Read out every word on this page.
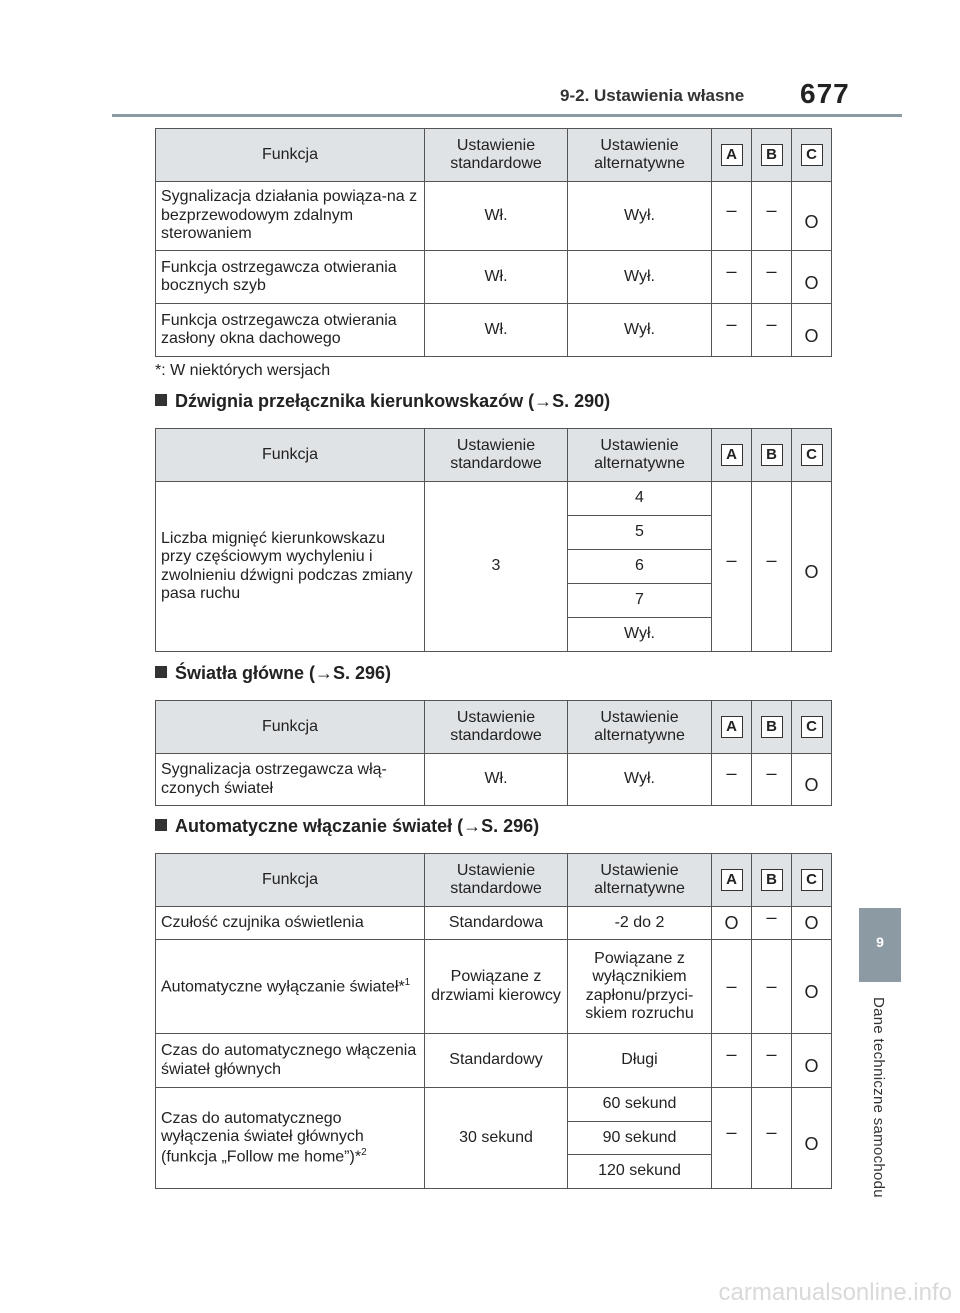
9-2. Ustawienia własne 677
9
Dane techniczne samochodu
Funkcja	Ustawienie standardowe	Ustawienie alternatywne	A	B	C
Sygnalizacja działania powiąza-na z bezprzewodowym zdalnym sterowaniem	Wł.	Wył.	–	–	O
Funkcja ostrzegawcza otwierania bocznych szyb	Wł.	Wył.	–	–	O
Funkcja ostrzegawcza otwierania zasłony okna dachowego	Wł.	Wył.	–	–	O
*: W niektórych wersjach
Dźwignia przełącznika kierunkowskazów (→S. 290)
Funkcja	Ustawienie standardowe	Ustawienie alternatywne	A	B	C
Liczba mignięć kierunkowskazu przy częściowym wychyleniu i zwolnieniu dźwigni podczas zmiany pasa ruchu	3	4	–	–	O
		5			
		6			
		7			
		Wył.			
Światła główne (→S. 296)
Funkcja	Ustawienie standardowe	Ustawienie alternatywne	A	B	C
Sygnalizacja ostrzegawcza włą-czonych świateł	Wł.	Wył.	–	–	O
Automatyczne włączanie świateł (→S. 296)
Funkcja	Ustawienie standardowe	Ustawienie alternatywne	A	B	C
Czułość czujnika oświetlenia	Standardowa	-2 do 2	O	–	O
Automatyczne wyłączanie świateł*$^1$	Powiązane z drzwiami kierowcy	Powiązane z wyłącznikiem zapłonu/przyci-skiem rozruchu	–	–	O
Czas do automatycznego włączenia świateł głównych	Standardowy	Długi	–	–	O
Czas do automatycznego wyłączenia świateł głównych (funkcja „Follow me home”)*$^2$	30 sekund	60 sekund	–	–	O
		90 sekund			
		120 sekund			
carmanualsonline.info
